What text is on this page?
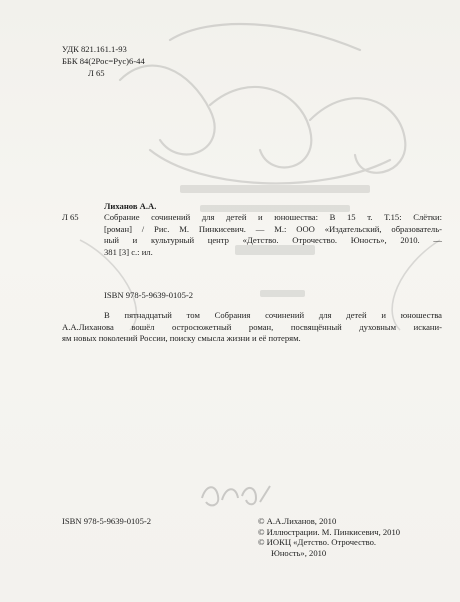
УДК 821.161.1-93
ББК 84(2Рос=Рус)6-44
Л 65
Лиханов А.А.
Л 65	Собрание сочинений для детей и юношества: В 15 т. Т.15: Слётки:
[роман] / Рис. М. Пинкисевич. — М.: ООО «Издательский, образователь-
ный и культурный центр «Детство. Отрочество. Юность», 2010. —
381 [3] с.: ил.
ISBN 978-5-9639-0105-2
В пятнадцатый том Собрания сочинений для детей и юношества
А.А.Лиханова вошёл остросюжетный роман, посвящённый духовным искани-
ям новых поколений России, поиску смысла жизни и её потерям.
ISBN 978-5-9639-0105-2	© А.А.Лиханов, 2010
© Иллюстрации. М. Пинкисевич, 2010
© ИОКЦ «Детство. Отрочество.
Юность», 2010
